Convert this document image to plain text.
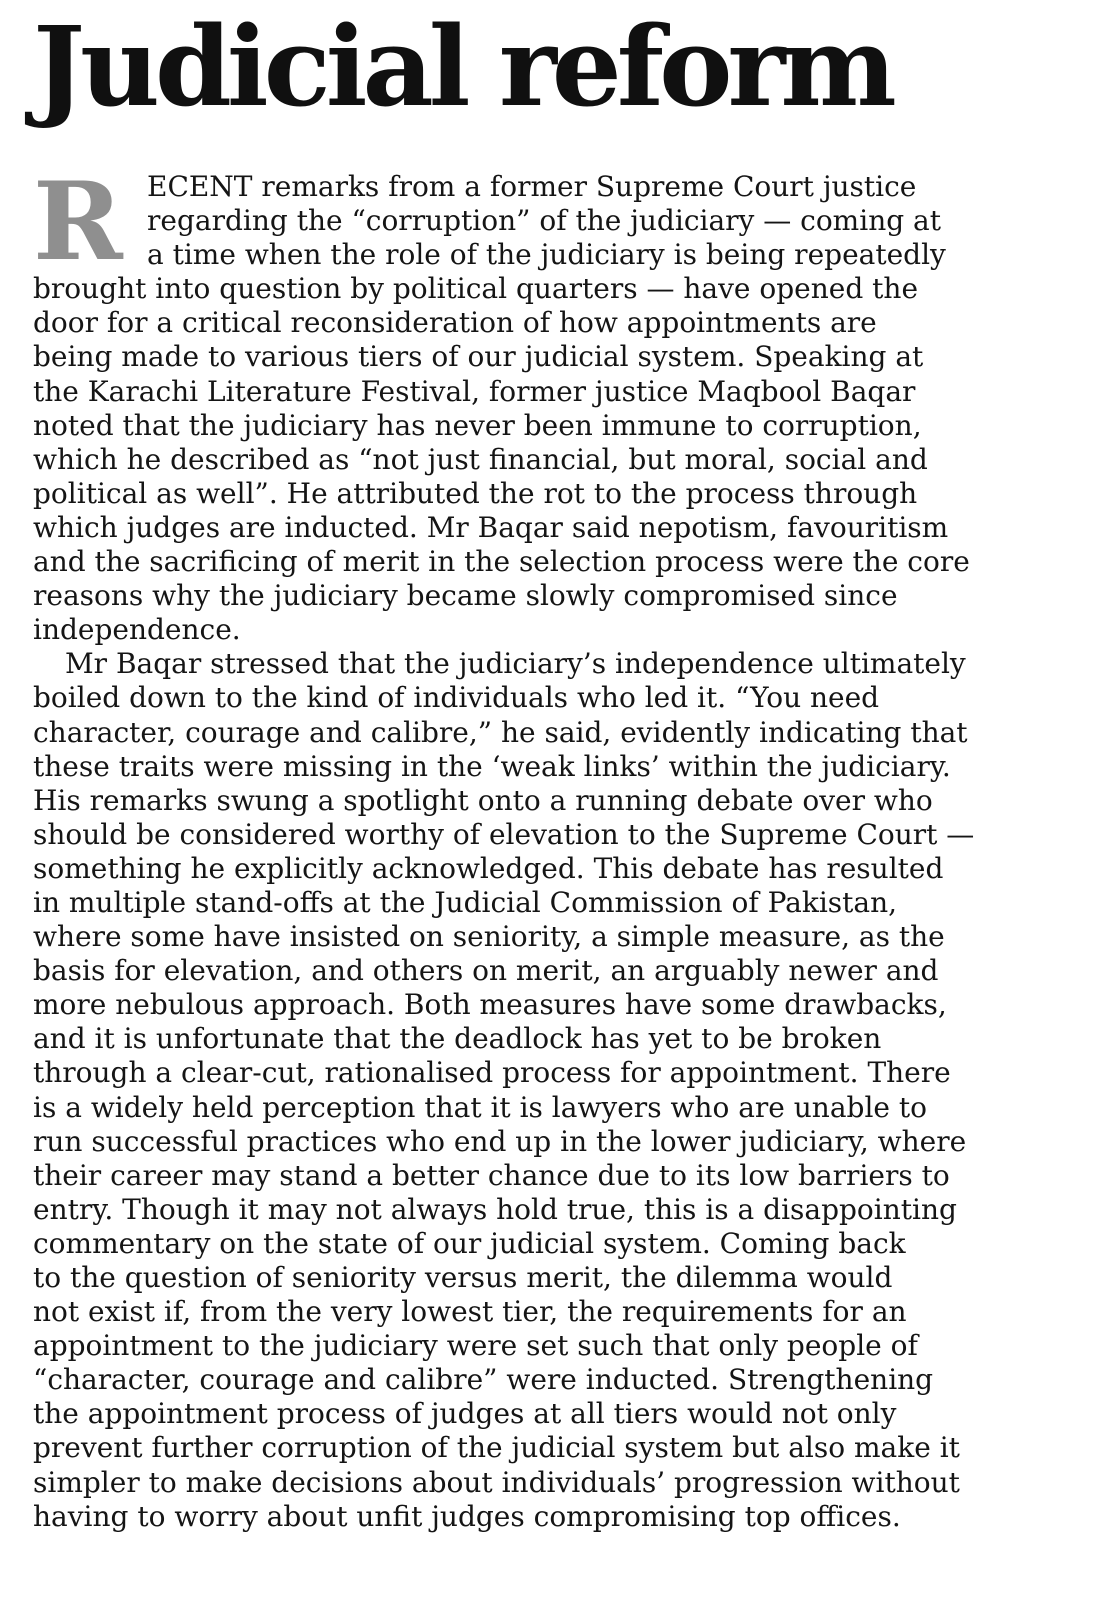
Judicial reform
R ECENT remarks from a former Supreme Court justice
regarding the “corruption” of the judiciary — coming at
a time when the role of the judiciary is being repeatedly
brought into question by political quarters — have opened the
door for a critical reconsideration of how appointments are
being made to various tiers of our judicial system. Speaking at
the Karachi Literature Festival, former justice Maqbool Baqar
noted that the judiciary has never been immune to corruption,
which he described as “not just financial, but moral, social and
political as well”. He attributed the rot to the process through
which judges are inducted. Mr Baqar said nepotism, favouritism
and the sacrificing of merit in the selection process were the core
reasons why the judiciary became slowly compromised since
independence.
Mr Baqar stressed that the judiciary’s independence ultimately
boiled down to the kind of individuals who led it. “You need
character, courage and calibre,” he said, evidently indicating that
these traits were missing in the ‘weak links’ within the judiciary.
His remarks swung a spotlight onto a running debate over who
should be considered worthy of elevation to the Supreme Court —
something he explicitly acknowledged. This debate has resulted
in multiple stand-offs at the Judicial Commission of Pakistan,
where some have insisted on seniority, a simple measure, as the
basis for elevation, and others on merit, an arguably newer and
more nebulous approach. Both measures have some drawbacks,
and it is unfortunate that the deadlock has yet to be broken
through a clear-cut, rationalised process for appointment. There
is a widely held perception that it is lawyers who are unable to
run successful practices who end up in the lower judiciary, where
their career may stand a better chance due to its low barriers to
entry. Though it may not always hold true, this is a disappointing
commentary on the state of our judicial system. Coming back
to the question of seniority versus merit, the dilemma would
not exist if, from the very lowest tier, the requirements for an
appointment to the judiciary were set such that only people of
“character, courage and calibre” were inducted. Strengthening
the appointment process of judges at all tiers would not only
prevent further corruption of the judicial system but also make it
simpler to make decisions about individuals’ progression without
having to worry about unfit judges compromising top offices.
